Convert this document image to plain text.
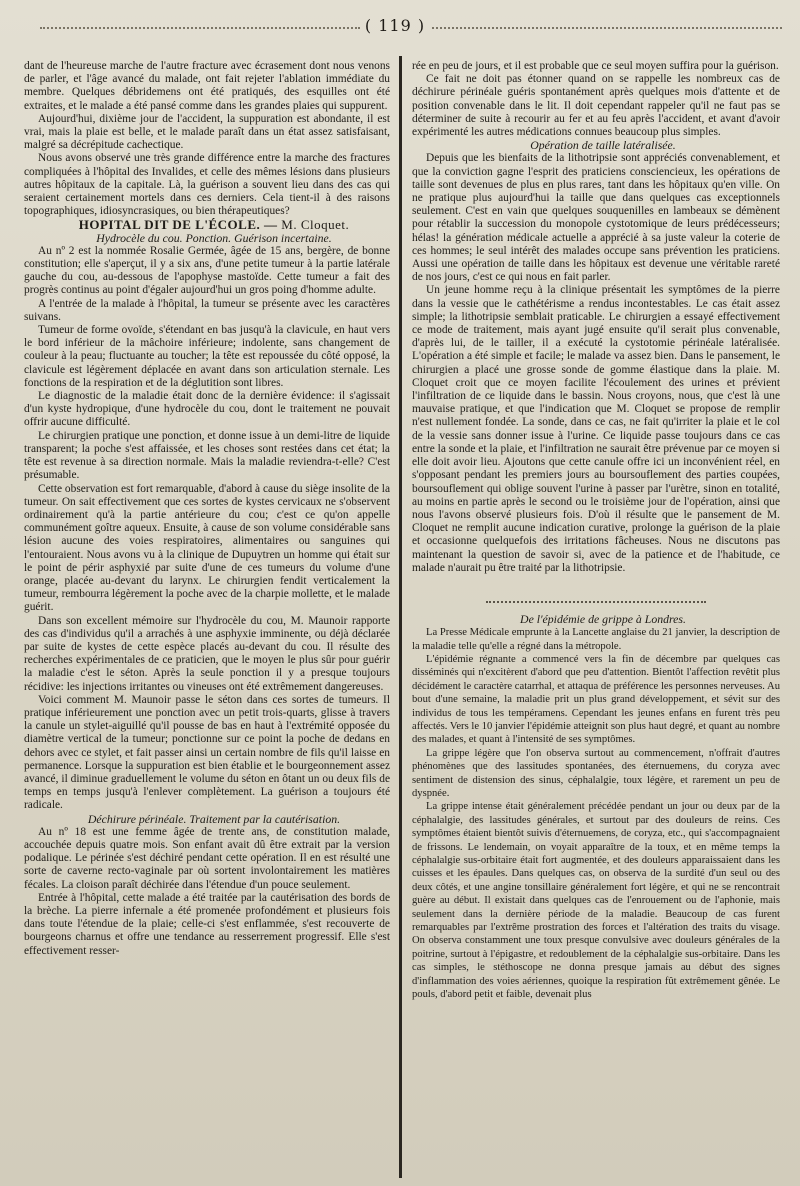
( 119 )

dant de l'heureuse marche de l'autre fracture avec écrasement dont nous venons de parler, et l'âge avancé du malade, ont fait rejeter l'ablation immédiate du membre. Quelques débridemens ont été pratiqués, des esquilles ont été extraites, et le malade a été pansé comme dans les grandes plaies qui suppurent.

Aujourd'hui, dixième jour de l'accident, la suppuration est abondante, il est vrai, mais la plaie est belle, et le malade paraît dans un état assez satisfaisant, malgré sa décrépitude cachectique.

Nous avons observé une très grande différence entre la marche des fractures compliquées à l'hôpital des Invalides, et celle des mêmes lésions dans plusieurs autres hôpitaux de la capitale. Là, la guérison a souvent lieu dans des cas qui seraient certainement mortels dans ces derniers. Cela tient-il à des raisons topographiques, idiosyncrasiques, ou bien thérapeutiques?

HOPITAL DIT DE L'ÉCOLE. — M. Cloquet.

Hydrocèle du cou. Ponction. Guérison incertaine.

Au nº 2 est la nommée Rosalie Germée, âgée de 15 ans, bergère, de bonne constitution; elle s'aperçut, il y a six ans, d'une petite tumeur à la partie latérale gauche du cou, au-dessous de l'apophyse mastoïde. Cette tumeur a fait des progrès continus au point d'égaler aujourd'hui un gros poing d'homme adulte.

A l'entrée de la malade à l'hôpital, la tumeur se présente avec les caractères suivans.

Tumeur de forme ovoïde, s'étendant en bas jusqu'à la clavicule, en haut vers le bord inférieur de la mâchoire inférieure; indolente, sans changement de couleur à la peau; fluctuante au toucher; la tête est repoussée du côté opposé, la clavicule est légèrement déplacée en avant dans son articulation sternale. Les fonctions de la respiration et de la déglutition sont libres.

Le diagnostic de la maladie était donc de la dernière évidence: il s'agissait d'un kyste hydropique, d'une hydrocèle du cou, dont le traitement ne pouvait offrir aucune difficulté.

Le chirurgien pratique une ponction, et donne issue à un demi-litre de liquide transparent; la poche s'est affaissée, et les choses sont restées dans cet état; la tête est revenue à sa direction normale. Mais la maladie reviendra-t-elle? C'est présumable.

Cette observation est fort remarquable, d'abord à cause du siège insolite de la tumeur. On sait effectivement que ces sortes de kystes cervicaux ne s'observent ordinairement qu'à la partie antérieure du cou; c'est ce qu'on appelle communément goître aqueux. Ensuite, à cause de son volume considérable sans lésion aucune des voies respiratoires, alimentaires ou sanguines qui l'entouraient. Nous avons vu à la clinique de Dupuytren un homme qui était sur le point de périr asphyxié par suite d'une de ces tumeurs du volume d'une orange, placée au-devant du larynx. Le chirurgien fendit verticalement la tumeur, rembourra légèrement la poche avec de la charpie mollette, et le malade guérit.

Dans son excellent mémoire sur l'hydrocèle du cou, M. Maunoir rapporte des cas d'individus qu'il a arrachés à une asphyxie imminente, ou déjà déclarée par suite de kystes de cette espèce placés au-devant du cou. Il résulte des recherches expérimentales de ce praticien, que le moyen le plus sûr pour guérir la maladie c'est le séton. Après la seule ponction il y a presque toujours récidive: les injections irritantes ou vineuses ont été extrêmement dangereuses.

Voici comment M. Maunoir passe le séton dans ces sortes de tumeurs. Il pratique inférieurement une ponction avec un petit trois-quarts, glisse à travers la canule un stylet-aiguillé qu'il pousse de bas en haut à l'extrémité opposée du diamètre vertical de la tumeur; ponctionne sur ce point la poche de dedans en dehors avec ce stylet, et fait passer ainsi un certain nombre de fils qu'il laisse en permanence. Lorsque la suppuration est bien établie et le bourgeonnement assez avancé, il diminue graduellement le volume du séton en ôtant un ou deux fils de temps en temps jusqu'à l'enlever complètement. La guérison a toujours été radicale.

Déchirure périnéale. Traitement par la cautérisation.

Au nº 18 est une femme âgée de trente ans, de constitution malade, accouchée depuis quatre mois. Son enfant avait dû être extrait par la version podalique. Le périnée s'est déchiré pendant cette opération. Il en est résulté une sorte de caverne recto-vaginale par où sortent involontairement les matières fécales. La cloison paraît déchirée dans l'étendue d'un pouce seulement.

Entrée à l'hôpital, cette malade a été traitée par la cautérisation des bords de la brèche. La pierre infernale a été promenée profondément et plusieurs fois dans toute l'étendue de la plaie; celle-ci s'est enflammée, s'est recouverte de bourgeons charnus et offre une tendance au resserrement progressif. Elle s'est effectivement resser-

rée en peu de jours, et il est probable que ce seul moyen suffira pour la guérison.

Ce fait ne doit pas étonner quand on se rappelle les nombreux cas de déchirure périnéale guéris spontanément après quelques mois d'attente et de position convenable dans le lit. Il doit cependant rappeler qu'il ne faut pas se déterminer de suite à recourir au fer et au feu après l'accident, et avant d'avoir expérimenté les autres médications connues beaucoup plus simples.

Opération de taille latéralisée.

Depuis que les bienfaits de la lithotripsie sont appréciés convenablement, et que la conviction gagne l'esprit des praticiens consciencieux, les opérations de taille sont devenues de plus en plus rares, tant dans les hôpitaux qu'en ville. On ne pratique plus aujourd'hui la taille que dans quelques cas exceptionnels seulement. C'est en vain que quelques souquenilles en lambeaux se démènent pour rétablir la succession du monopole cystotomique de leurs prédécesseurs; hélas! la génération médicale actuelle a apprécié à sa juste valeur la coterie de ces hommes; le seul intérêt des malades occupe sans prévention les praticiens. Aussi une opération de taille dans les hôpitaux est devenue une véritable rareté de nos jours, c'est ce qui nous en fait parler.

Un jeune homme reçu à la clinique présentait les symptômes de la pierre dans la vessie que le cathétérisme a rendus incontestables. Le cas était assez simple; la lithotripsie semblait praticable. Le chirurgien a essayé effectivement ce mode de traitement, mais ayant jugé ensuite qu'il serait plus convenable, d'après lui, de le tailler, il a exécuté la cystotomie périnéale latéralisée. L'opération a été simple et facile; le malade va assez bien. Dans le pansement, le chirurgien a placé une grosse sonde de gomme élastique dans la plaie. M. Cloquet croit que ce moyen facilite l'écoulement des urines et prévient l'infiltration de ce liquide dans le bassin. Nous croyons, nous, que c'est là une mauvaise pratique, et que l'indication que M. Cloquet se propose de remplir n'est nullement fondée. La sonde, dans ce cas, ne fait qu'irriter la plaie et le col de la vessie sans donner issue à l'urine. Ce liquide passe toujours dans ce cas entre la sonde et la plaie, et l'infiltration ne saurait être prévenue par ce moyen si elle doit avoir lieu. Ajoutons que cette canule offre ici un inconvénient réel, en s'opposant pendant les premiers jours au boursouflement des parties coupées, boursouflement qui oblige souvent l'urine à passer par l'urètre, sinon en totalité, au moins en partie après le second ou le troisième jour de l'opération, ainsi que nous l'avons observé plusieurs fois. D'où il résulte que le pansement de M. Cloquet ne remplit aucune indication curative, prolonge la guérison de la plaie et occasionne quelquefois des irritations fâcheuses. Nous ne discutons pas maintenant la question de savoir si, avec de la patience et de l'habitude, ce malade n'aurait pu être traité par la lithotripsie.

De l'épidémie de grippe à Londres.

La Presse Médicale emprunte à la Lancette anglaise du 21 janvier, la description de la maladie telle qu'elle a régné dans la métropole.

L'épidémie régnante a commencé vers la fin de décembre par quelques cas disséminés qui n'excitèrent d'abord que peu d'attention. Bientôt l'affection revêtit plus décidément le caractère catarrhal, et attaqua de préférence les personnes nerveuses. Au bout d'une semaine, la maladie prit un plus grand développement, et sévit sur des individus de tous les tempéramens. Cependant les jeunes enfans en furent très peu affectés. Vers le 10 janvier l'épidémie atteignit son plus haut degré, et quant au nombre des malades, et quant à l'intensité de ses symptômes.

La grippe légère que l'on observa surtout au commencement, n'offrait d'autres phénomènes que des lassitudes spontanées, des éternuemens, du coryza avec sentiment de distension des sinus, céphalalgie, toux légère, et rarement un peu de dyspnée.

La grippe intense était généralement précédée pendant un jour ou deux par de la céphalalgie, des lassitudes générales, et surtout par des douleurs de reins. Ces symptômes étaient bientôt suivis d'éternuemens, de coryza, etc., qui s'accompagnaient de frissons. Le lendemain, on voyait apparaître de la toux, et en même temps la céphalalgie sus-orbitaire était fort augmentée, et des douleurs apparaissaient dans les cuisses et les épaules. Dans quelques cas, on observa de la surdité d'un seul ou des deux côtés, et une angine tonsillaire généralement fort légère, et qui ne se rencontrait guère au début. Il existait dans quelques cas de l'enrouement ou de l'aphonie, mais seulement dans la dernière période de la maladie. Beaucoup de cas furent remarquables par l'extrême prostration des forces et l'altération des traits du visage. On observa constamment une toux presque convulsive avec douleurs générales de la poitrine, surtout à l'épigastre, et redoublement de la céphalalgie sus-orbitaire. Dans les cas simples, le stéthoscope ne donna presque jamais au début des signes d'inflammation des voies aériennes, quoique la respiration fût extrêmement gênée. Le pouls, d'abord petit et faible, devenait plus
